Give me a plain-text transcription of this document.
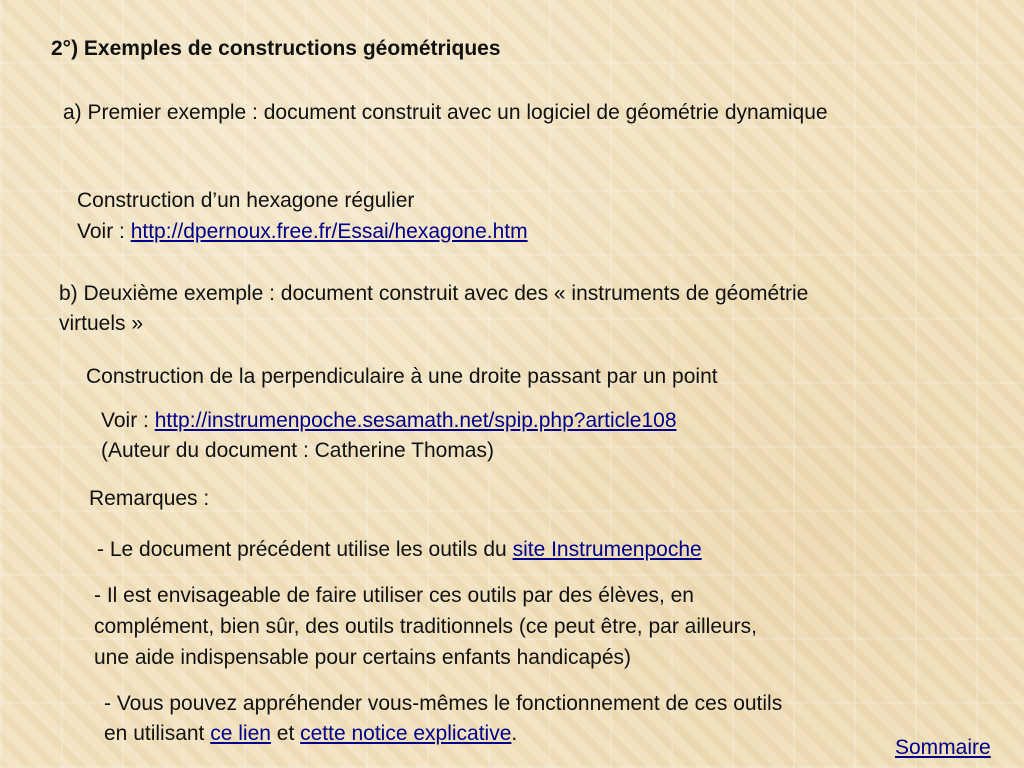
2°) Exemples de constructions géométriques

a) Premier exemple : document construit avec un logiciel de géométrie dynamique

Construction d’un hexagone régulier

Voir : http://dpernoux.free.fr/Essai/hexagone.htm

b) Deuxième exemple : document construit avec des « instruments de géométrie

virtuels »

Construction de la perpendiculaire à une droite passant par un point

Voir : http://instrumenpoche.sesamath.net/spip.php?article108

(Auteur du document : Catherine Thomas)

Remarques :

- Le document précédent utilise les outils du site Instrumenpoche

- Il est envisageable de faire utiliser ces outils par des élèves, en

complément, bien sûr, des outils traditionnels (ce peut être, par ailleurs,

une aide indispensable pour certains enfants handicapés)

- Vous pouvez appréhender vous-mêmes le fonctionnement de ces outils

en utilisant ce lien et cette notice explicative.

Sommaire
